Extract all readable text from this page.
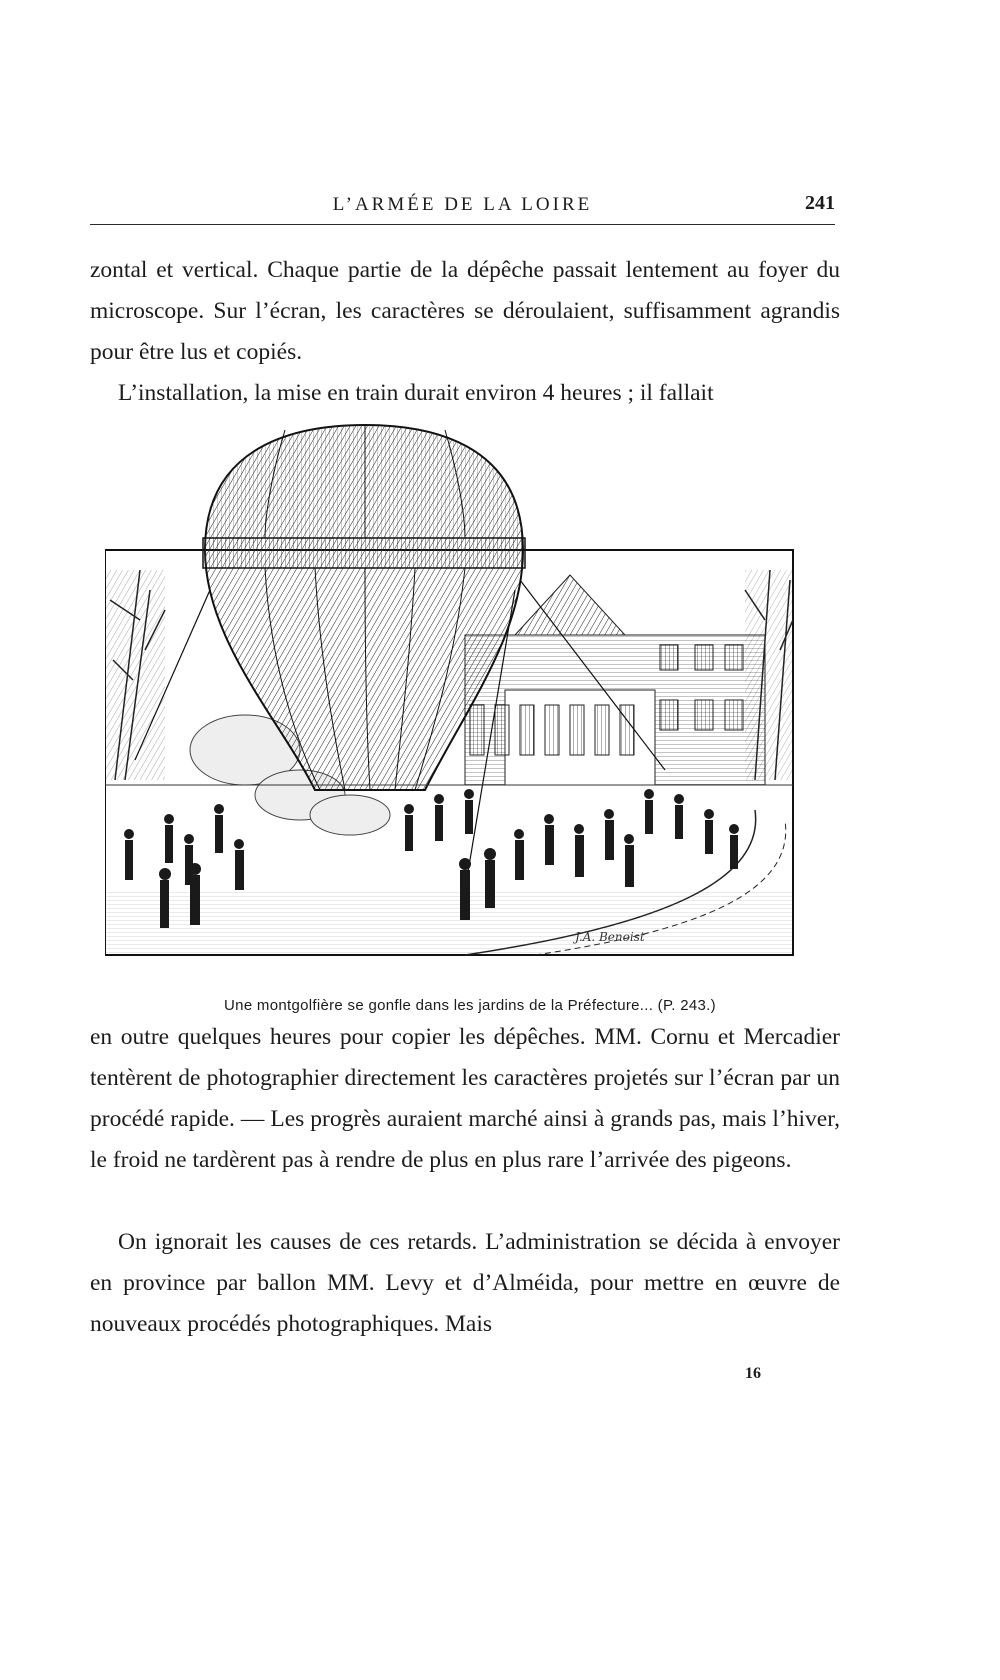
L’ARMÉE DE LA LOIRE	241

zontal et vertical. Chaque partie de la dépêche passait lentement au foyer du microscope. Sur l’écran, les caractères se déroulaient, suffisamment agrandis pour être lus et copiés.

L’installation, la mise en train durait environ 4 heures ; il fallait

J.A. Benoist

Une montgolfière se gonfle dans les jardins de la Préfecture... (P. 243.)

en outre quelques heures pour copier les dépêches. MM. Cornu et Mercadier tentèrent de photographier directement les caractères projetés sur l’écran par un procédé rapide. — Les progrès auraient marché ainsi à grands pas, mais l’hiver, le froid ne tardèrent pas à rendre de plus en plus rare l’arrivée des pigeons.

On ignorait les causes de ces retards. L’administration se décida à envoyer en province par ballon MM. Levy et d’Alméida, pour mettre en œuvre de nouveaux procédés photographiques. Mais

16
